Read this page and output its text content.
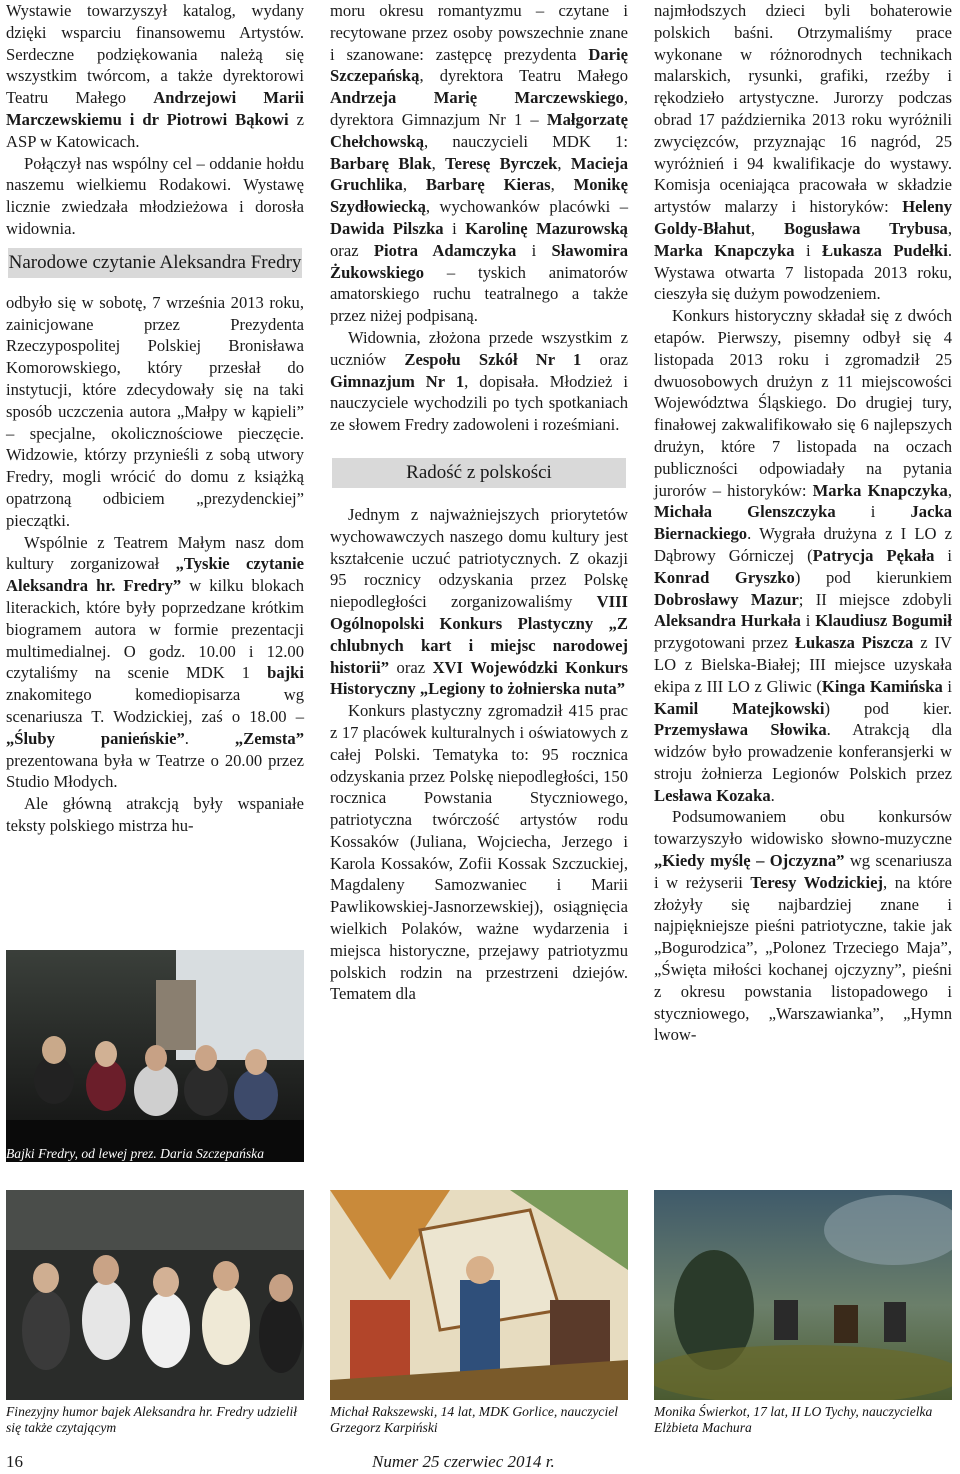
Wystawie towarzyszył katalog, wydany dzięki wsparciu finansowemu Artystów. Serdeczne podziękowania należą się wszystkim twórcom, a także dyrektorowi Teatru Małego Andrzejowi Marii Marczewskiemu i dr Piotrowi Bąkowi z ASP w Katowicach.

Połączył nas wspólny cel – oddanie hołdu naszemu wielkiemu Rodakowi. Wystawę licznie zwiedzała młodzieżowa i dorosła widownia.

Narodowe czytanie Aleksandra Fredry

odbyło się w sobotę, 7 września 2013 roku, zainicjowane przez Prezydenta Rzeczypospolitej Polskiej Bronisława Komorowskiego, który przesłał do instytucji, które zdecydowały się na taki sposób uczczenia autora „Małpy w kąpieli” – specjalne, okolicznościowe pieczęcie. Widzowie, którzy przynieśli z sobą utwory Fredry, mogli wrócić do domu z książką opatrzoną odbiciem „prezydenckiej” pieczątki.

Wspólnie z Teatrem Małym nasz dom kultury zorganizował „Tyskie czytanie Aleksandra hr. Fredry” w kilku blokach literackich, które były poprzedzane krótkim biogramem autora w formie prezentacji multimedialnej. O godz. 10.00 i 12.00 czytaliśmy na scenie MDK 1 bajki znakomitego komediopisarza wg scenariusza T. Wodzickiej, zaś o 18.00 – „Śluby panieńskie”. „Zemsta” prezentowana była w Teatrze o 20.00 przez Studio Młodych.

Ale główną atrakcją były wspaniałe teksty polskiego mistrza hu-

Bajki Fredry, od lewej prez. Daria Szczepańska

moru okresu romantyzmu – czytane i recytowane przez osoby powszechnie znane i szanowane: zastępcę prezydenta Darię Szczepańską, dyrektora Teatru Małego Andrzeja Marię Marczewskiego, dyrektora Gimnazjum Nr 1 – Małgorzatę Chełchowską, nauczycieli MDK 1: Barbarę Blak, Teresę Byrczek, Macieja Gruchlika, Barbarę Kieras, Monikę Szydłowiecką, wychowanków placówki – Dawida Pilszka i Karolinę Mazurowską oraz Piotra Adamczyka i Sławomira Żukowskiego – tyskich animatorów amatorskiego ruchu teatralnego a także przez niżej podpisaną.

Widownia, złożona przede wszystkim z uczniów Zespołu Szkół Nr 1 oraz Gimnazjum Nr 1, dopisała. Młodzież i nauczyciele wychodzili po tych spotkaniach ze słowem Fredry zadowoleni i roześmiani.

Radość z polskości

Jednym z najważniejszych priorytetów wychowawczych naszego domu kultury jest kształcenie uczuć patriotycznych. Z okazji 95 rocznicy odzyskania przez Polskę niepodległości zorganizowaliśmy VIII Ogólnopolski Konkurs Plastyczny „Z chlubnych kart i miejsc narodowej historii” oraz XVI Wojewódzki Konkurs Historyczny „Legiony to żołnierska nuta”

Konkurs plastyczny zgromadził 415 prac z 17 placówek kulturalnych i oświatowych z całej Polski. Tematyka to: 95 rocznica odzyskania przez Polskę niepodległości, 150 rocznica Powstania Styczniowego, patriotyczna twórczość artystów rodu Kossaków (Juliana, Wojciecha, Jerzego i Karola Kossaków, Zofii Kossak Szczuckiej, Magdaleny Samozwaniec i Marii Pawlikowskiej-Jasnorzewskiej), osiągnięcia wielkich Polaków, ważne wydarzenia i miejsca historyczne, przejawy patriotyzmu polskich rodzin na przestrzeni dziejów. Tematem dla

najmłodszych dzieci byli bohaterowie polskich baśni. Otrzymaliśmy prace wykonane w różnorodnych technikach malarskich, rysunki, grafiki, rzeźby i rękodzieło artystyczne. Jurorzy podczas obrad 17 października 2013 roku wyróżnili zwycięzców, przyznając 16 nagród, 25 wyróżnień i 94 kwalifikacje do wystawy. Komisja oceniająca pracowała w składzie artystów malarzy i historyków: Heleny Goldy-Błahut, Bogusława Trybusa, Marka Knapczyka i Łukasza Pudełki. Wystawa otwarta 7 listopada 2013 roku, cieszyła się dużym powodzeniem.

Konkurs historyczny składał się z dwóch etapów. Pierwszy, pisemny odbył się 4 listopada 2013 roku i zgromadził 25 dwuosobowych drużyn z 11 miejscowości Województwa Śląskiego. Do drugiej tury, finałowej zakwalifikowało się 6 najlepszych drużyn, które 7 listopada na oczach publiczności odpowiadały na pytania jurorów – historyków: Marka Knapczyka, Michała Glenszczyka i Jacka Biernackiego. Wygrała drużyna z I LO z Dąbrowy Górniczej (Patrycja Pękała i Konrad Gryszko) pod kierunkiem Dobrosławy Mazur; II miejsce zdobyli Aleksandra Hurkała i Klaudiusz Bogumił przygotowani przez Łukasza Piszcza z IV LO z Bielska-Białej; III miejsce uzyskała ekipa z III LO z Gliwic (Kinga Kamińska i Kamil Matejkowski) pod kier. Przemysława Słowika. Atrakcją dla widzów było prowadzenie konferansjerki w stroju żołnierza Legionów Polskich przez Lesława Kozaka.

Podsumowaniem obu konkursów towarzyszyło widowisko słowno-muzyczne „Kiedy myślę – Ojczyzna” wg scenariusza i w reżyserii Teresy Wodzickiej, na które złożyły się najbardziej znane i najpiękniejsze pieśni patriotyczne, takie jak „Bogurodzica”, „Polonez Trzeciego Maja”, „Święta miłości kochanej ojczyzny”, pieśni z okresu powstania listopadowego i styczniowego, „Warszawianka”, „Hymn lwow-

Finezyjny humor bajek Aleksandra hr. Fredry udzielił się także czytającym
Michał Rakszewski, 14 lat, MDK Gorlice, nauczyciel Grzegorz Karpiński
Monika Świerkot, 17 lat, II LO Tychy, nauczycielka Elżbieta Machura
16	Numer 25 czerwiec 2014 r.
